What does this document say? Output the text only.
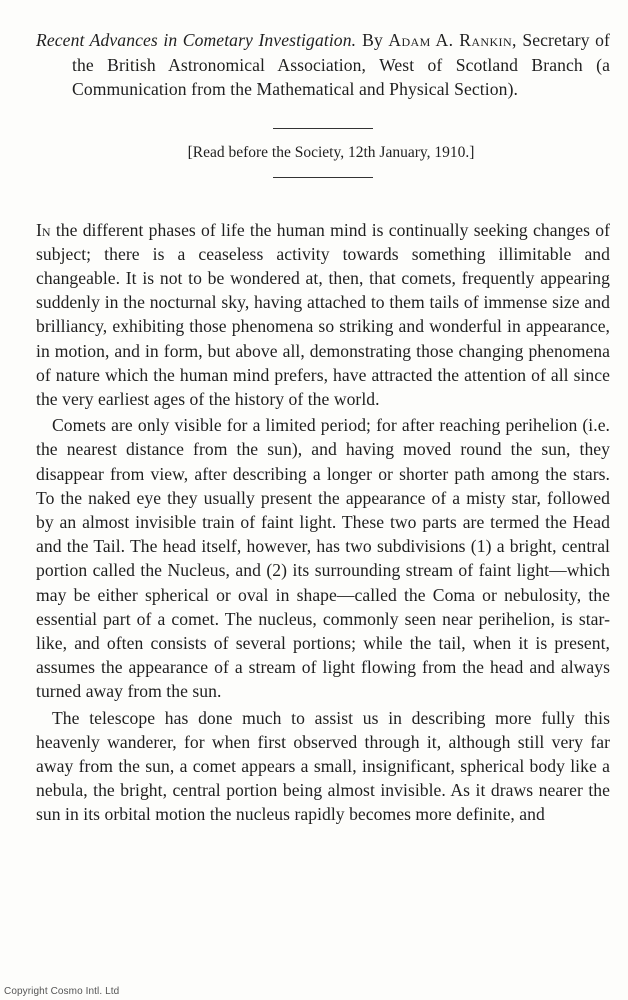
Recent Advances in Cometary Investigation. By Adam A. Rankin, Secretary of the British Astronomical Association, West of Scotland Branch (a Communication from the Mathematical and Physical Section).

[Read before the Society, 12th January, 1910.]

In the different phases of life the human mind is continually seeking changes of subject; there is a ceaseless activity towards something illimitable and changeable. It is not to be wondered at, then, that comets, frequently appearing suddenly in the nocturnal sky, having attached to them tails of immense size and brilliancy, exhibiting those phenomena so striking and wonderful in appearance, in motion, and in form, but above all, demonstrating those changing phenomena of nature which the human mind prefers, have attracted the attention of all since the very earliest ages of the history of the world.

Comets are only visible for a limited period; for after reaching perihelion (i.e. the nearest distance from the sun), and having moved round the sun, they disappear from view, after describing a longer or shorter path among the stars. To the naked eye they usually present the appearance of a misty star, followed by an almost invisible train of faint light. These two parts are termed the Head and the Tail. The head itself, however, has two subdivisions (1) a bright, central portion called the Nucleus, and (2) its surrounding stream of faint light—which may be either spherical or oval in shape—called the Coma or nebulosity, the essential part of a comet. The nucleus, commonly seen near perihelion, is star-like, and often consists of several portions; while the tail, when it is present, assumes the appearance of a stream of light flowing from the head and always turned away from the sun.

The telescope has done much to assist us in describing more fully this heavenly wanderer, for when first observed through it, although still very far away from the sun, a comet appears a small, insignificant, spherical body like a nebula, the bright, central portion being almost invisible. As it draws nearer the sun in its orbital motion the nucleus rapidly becomes more definite, and

Copyright Cosmo Intl. Ltd
